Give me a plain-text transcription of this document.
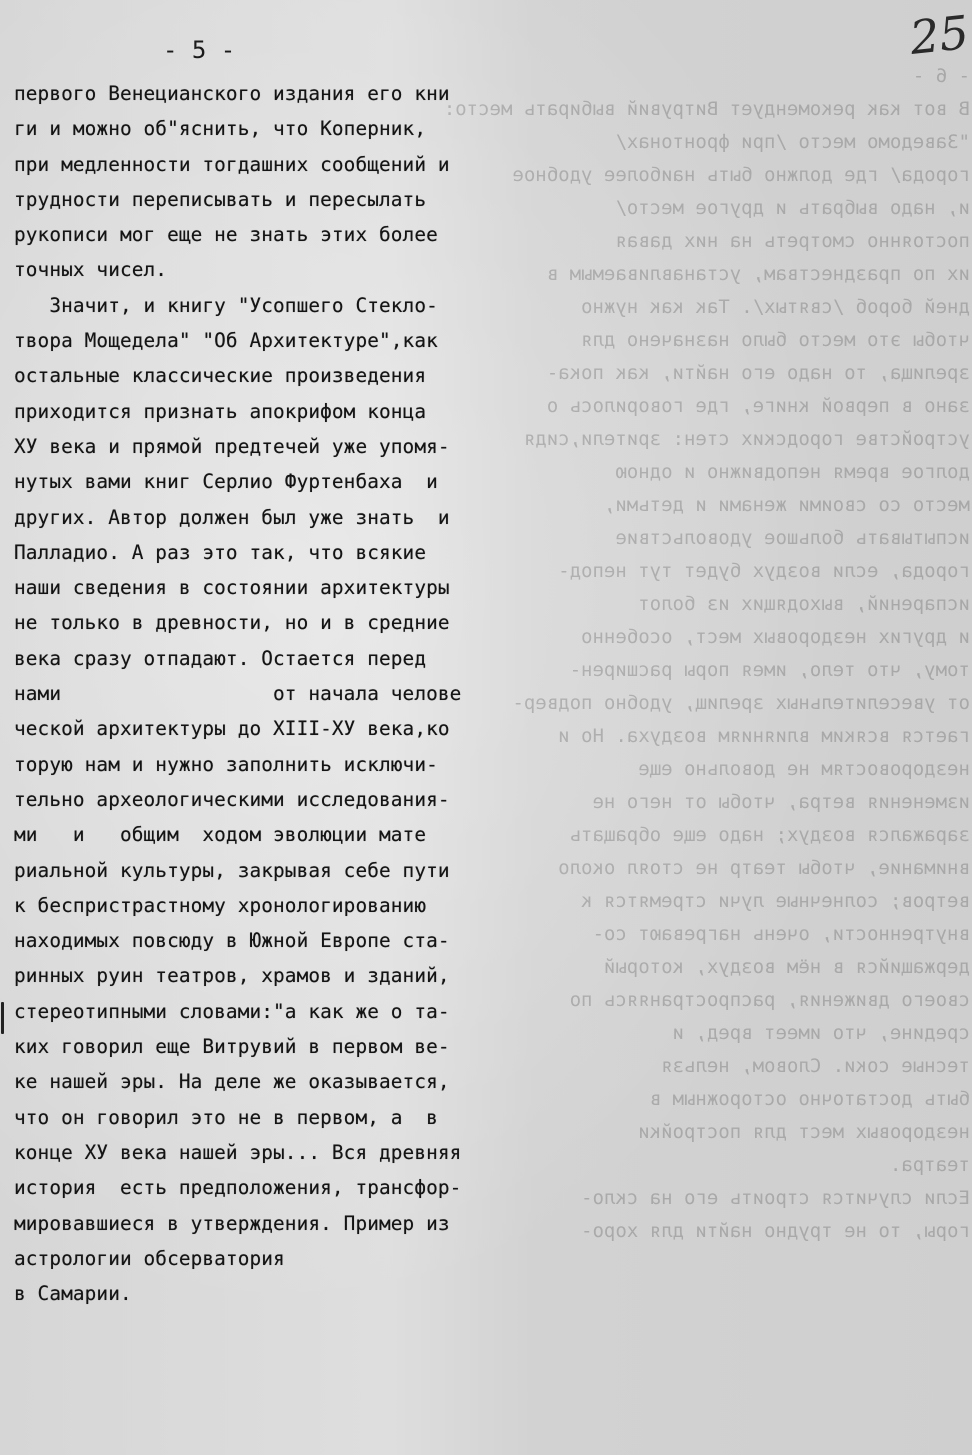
- 6 -
В вот как рекомендует Витрувий выбирать место:
"Заведомо место /при фронтонах/
города/ где должно быть наиболее удобное
и, надо выбрать и другое место/
постоянно смотреть на них давая
их по празднествам, устанавливаемым в
дней бороб /святых/. Так как нужно
чтобы это место было назначено для
зрелища, то надо его найти, как пока-
зано в первой книге, где говорилось о
устройстве городских стен: зрители,сидя
долгое время неподвижно и одною
место со своими женами и детьми,
испытывать большое удовольствие
города, если воздух будет тут непод-
испарений, выходящих из болот
и других нездоровых мест, особенно
тому, что тело, имея поры расширен-
от увеселительных зрелищ, удобно подвер-
гается всяким влияниям воздуха. Но и
нездоровостям не довольно еще
изменения ветра, чтобы от него не
заражался воздух; надо еще обращать
внимание, чтобы театр не стоял около
ветров; солнечные лучи стремятся к
внутренности, очень нагревают со-
держащийся в нём воздух, который
своего движения, распространяясь по
средине, что имеет вред, и
тесные соки. Словом, нельзя
быть достаточно осторожным в
нездоровых мест для постройки
театра.
Если случится строить его на скло-
горы, то не трудно найти для хоро-
- 5 -	25
первого Венецианского издания его кни
ги и можно об"яснить, что Коперник,
при медленности тогдашних сообщений и
трудности переписывать и пересылать
рукописи мог еще не знать этих более
точных чисел.
Значит, и книгу "Усопшего Стекло-
творa Мощедела" "Об Архитектуре",как
остальные классические произведения
приходится признать апокрифом конца
ХУ века и прямой предтечей уже упомя-
нутых вами книг Серлио Фуртенбаха  и
других. Автор должен был уже знать  и
Палладио. А раз это так, что всякие
наши сведения в состоянии архитектуры
не только в древности, но и в средние
века сразу отпадают. Остается перед
нами                  от начала челове
ческой архитектуры до XIII-ХУ века,ко
торую нам и нужно заполнить исключи-
тельно археологическими исследования-
ми   и   общим  ходом эволюции мате
риальной культуры, закрывая себе пути
к беспристрастному хронологированию
находимых повсюду в Южной Европе ста-
ринных руин театров, храмов и зданий,
стереотипными словами:"а как же о та-
ких говорил еще Витрувий в первом ве-
ке нашей эры. На деле же оказывается,
что он говорил это не в первом, а  в
конце ХУ века нашей эры... Вся древняя
история  есть предположения, трансфор-
мировавшиеся в утверждения. Пример из
астрологии обсерватория
в Самарии.
